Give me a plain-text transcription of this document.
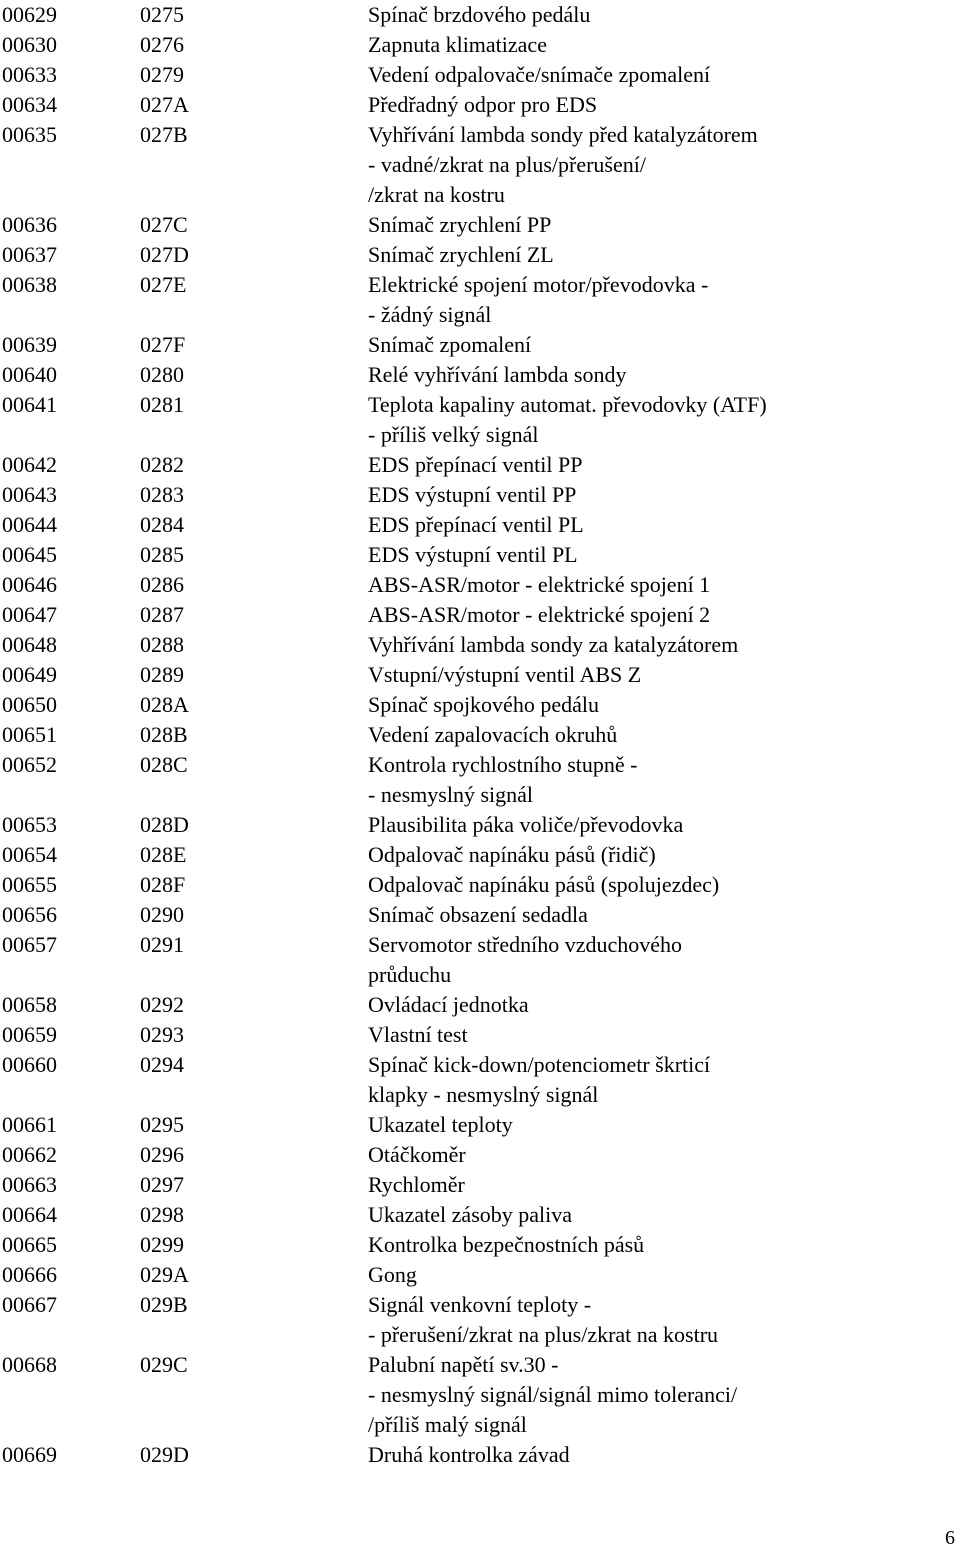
00629	0275	Spínač brzdového pedálu
00630	0276	Zapnuta klimatizace
00633	0279	Vedení odpalovače/snímače zpomalení
00634	027A	Předřadný odpor pro EDS
00635	027B	Vyhřívání lambda sondy před katalyzátorem
- vadné/zkrat na plus/přerušení/
/zkrat na kostru
00636	027C	Snímač zrychlení PP
00637	027D	Snímač zrychlení ZL
00638	027E	Elektrické spojení motor/převodovka -
- žádný signál
00639	027F	Snímač zpomalení
00640	0280	Relé vyhřívání lambda sondy
00641	0281	Teplota kapaliny automat. převodovky (ATF)
- příliš velký signál
00642	0282	EDS přepínací ventil PP
00643	0283	EDS výstupní ventil PP
00644	0284	EDS přepínací ventil PL
00645	0285	EDS výstupní ventil PL
00646	0286	ABS-ASR/motor - elektrické spojení 1
00647	0287	ABS-ASR/motor - elektrické spojení 2
00648	0288	Vyhřívání lambda sondy za katalyzátorem
00649	0289	Vstupní/výstupní ventil ABS Z
00650	028A	Spínač spojkového pedálu
00651	028B	Vedení zapalovacích okruhů
00652	028C	Kontrola rychlostního stupně -
- nesmyslný signál
00653	028D	Plausibilita páka voliče/převodovka
00654	028E	Odpalovač napínáku pásů (řidič)
00655	028F	Odpalovač napínáku pásů (spolujezdec)
00656	0290	Snímač obsazení sedadla
00657	0291	Servomotor středního vzduchového
průduchu
00658	0292	Ovládací jednotka
00659	0293	Vlastní test
00660	0294	Spínač kick-down/potenciometr škrticí
klapky - nesmyslný signál
00661	0295	Ukazatel teploty
00662	0296	Otáčkoměr
00663	0297	Rychloměr
00664	0298	Ukazatel zásoby paliva
00665	0299	Kontrolka bezpečnostních pásů
00666	029A	Gong
00667	029B	Signál venkovní teploty -
- přerušení/zkrat na plus/zkrat na kostru
00668	029C	Palubní napětí sv.30 -
- nesmyslný signál/signál mimo toleranci/
/příliš malý signál
00669	029D	Druhá kontrolka závad
6
